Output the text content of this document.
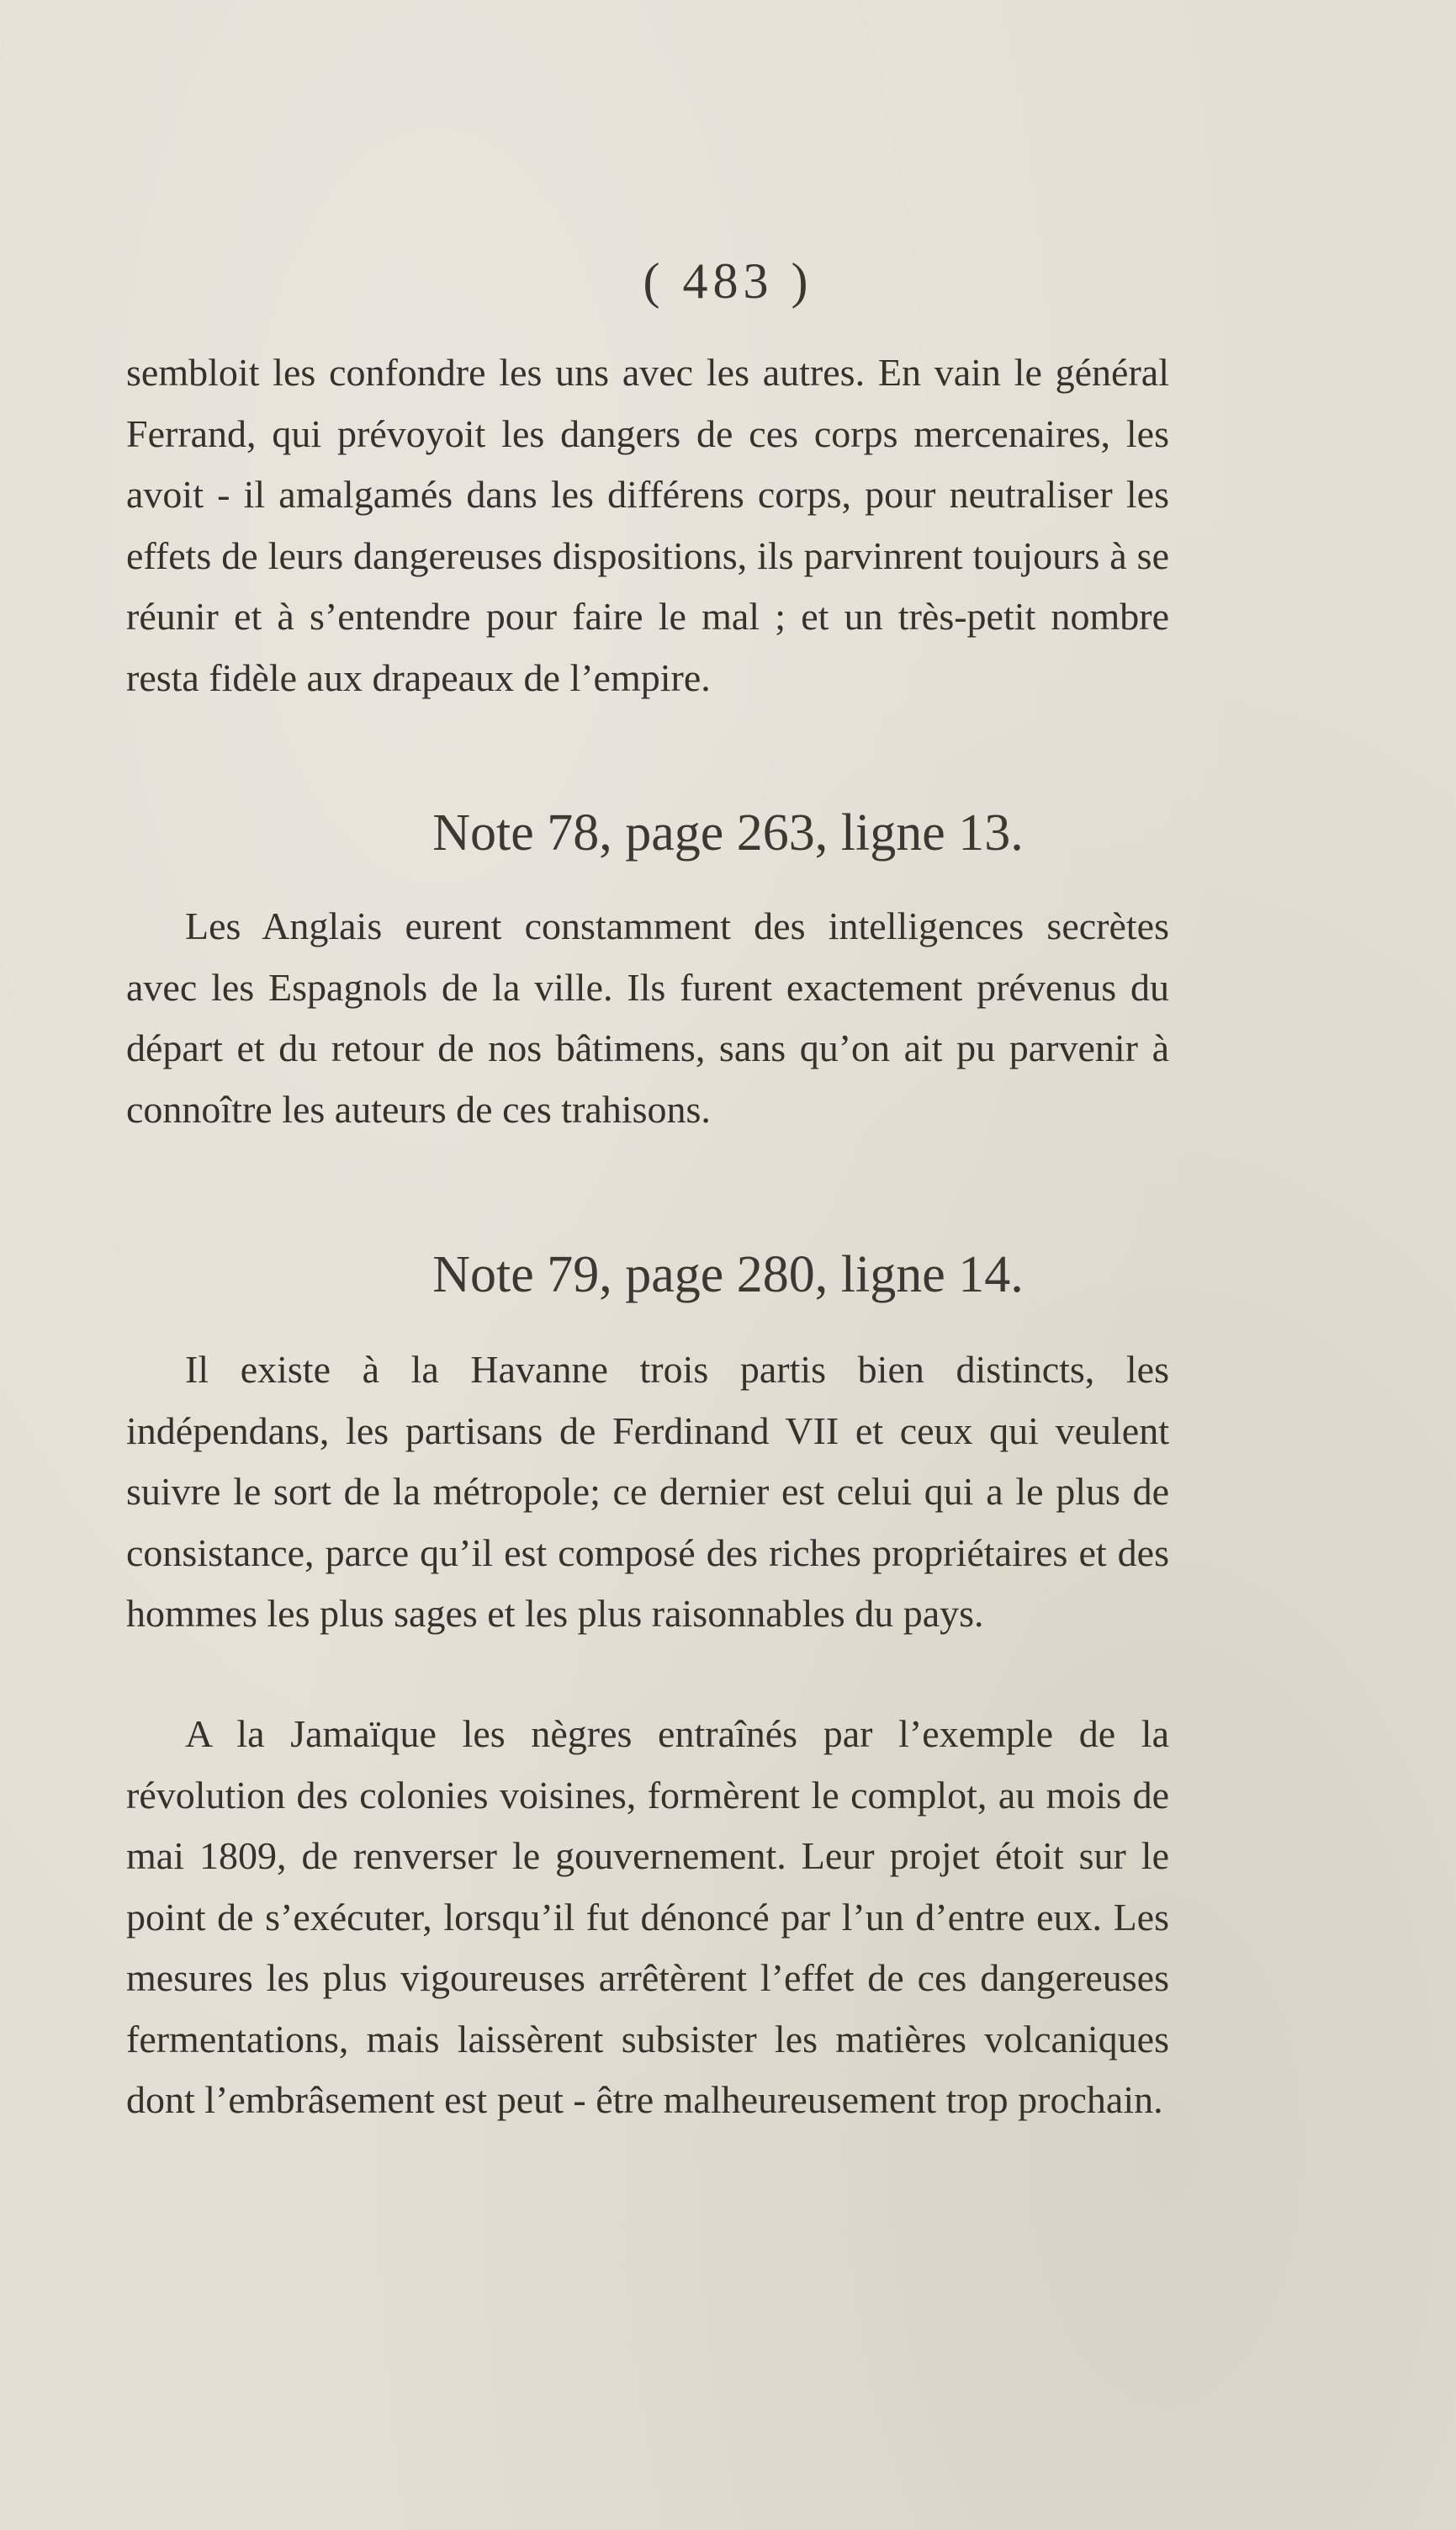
( 483 )

sembloit les confondre les uns avec les autres. En vain le général Ferrand, qui prévoyoit les dangers de ces corps mercenaires, les avoit - il amalgamés dans les différens corps, pour neutraliser les effets de leurs dangereuses dispositions, ils parvinrent toujours à se réunir et à s’entendre pour faire le mal ; et un très-petit nombre resta fidèle aux drapeaux de l’empire.

Note 78, page 263, ligne 13.

Les Anglais eurent constamment des intelligences secrètes avec les Espagnols de la ville. Ils furent exactement prévenus du départ et du retour de nos bâtimens, sans qu’on ait pu parvenir à connoître les auteurs de ces trahisons.

Note 79, page 280, ligne 14.

Il existe à la Havanne trois partis bien distincts, les indépendans, les partisans de Ferdinand VII et ceux qui veulent suivre le sort de la métropole; ce dernier est celui qui a le plus de consistance, parce qu’il est composé des riches propriétaires et des hommes les plus sages et les plus raisonnables du pays.

A la Jamaïque les nègres entraînés par l’exemple de la révolution des colonies voisines, formèrent le complot, au mois de mai 1809, de renverser le gouvernement. Leur projet étoit sur le point de s’exécuter, lorsqu’il fut dénoncé par l’un d’entre eux. Les mesures les plus vigoureuses arrêtèrent l’effet de ces dangereuses fermentations, mais laissèrent subsister les matières volcaniques dont l’embrâsement est peut - être malheureusement trop prochain.
